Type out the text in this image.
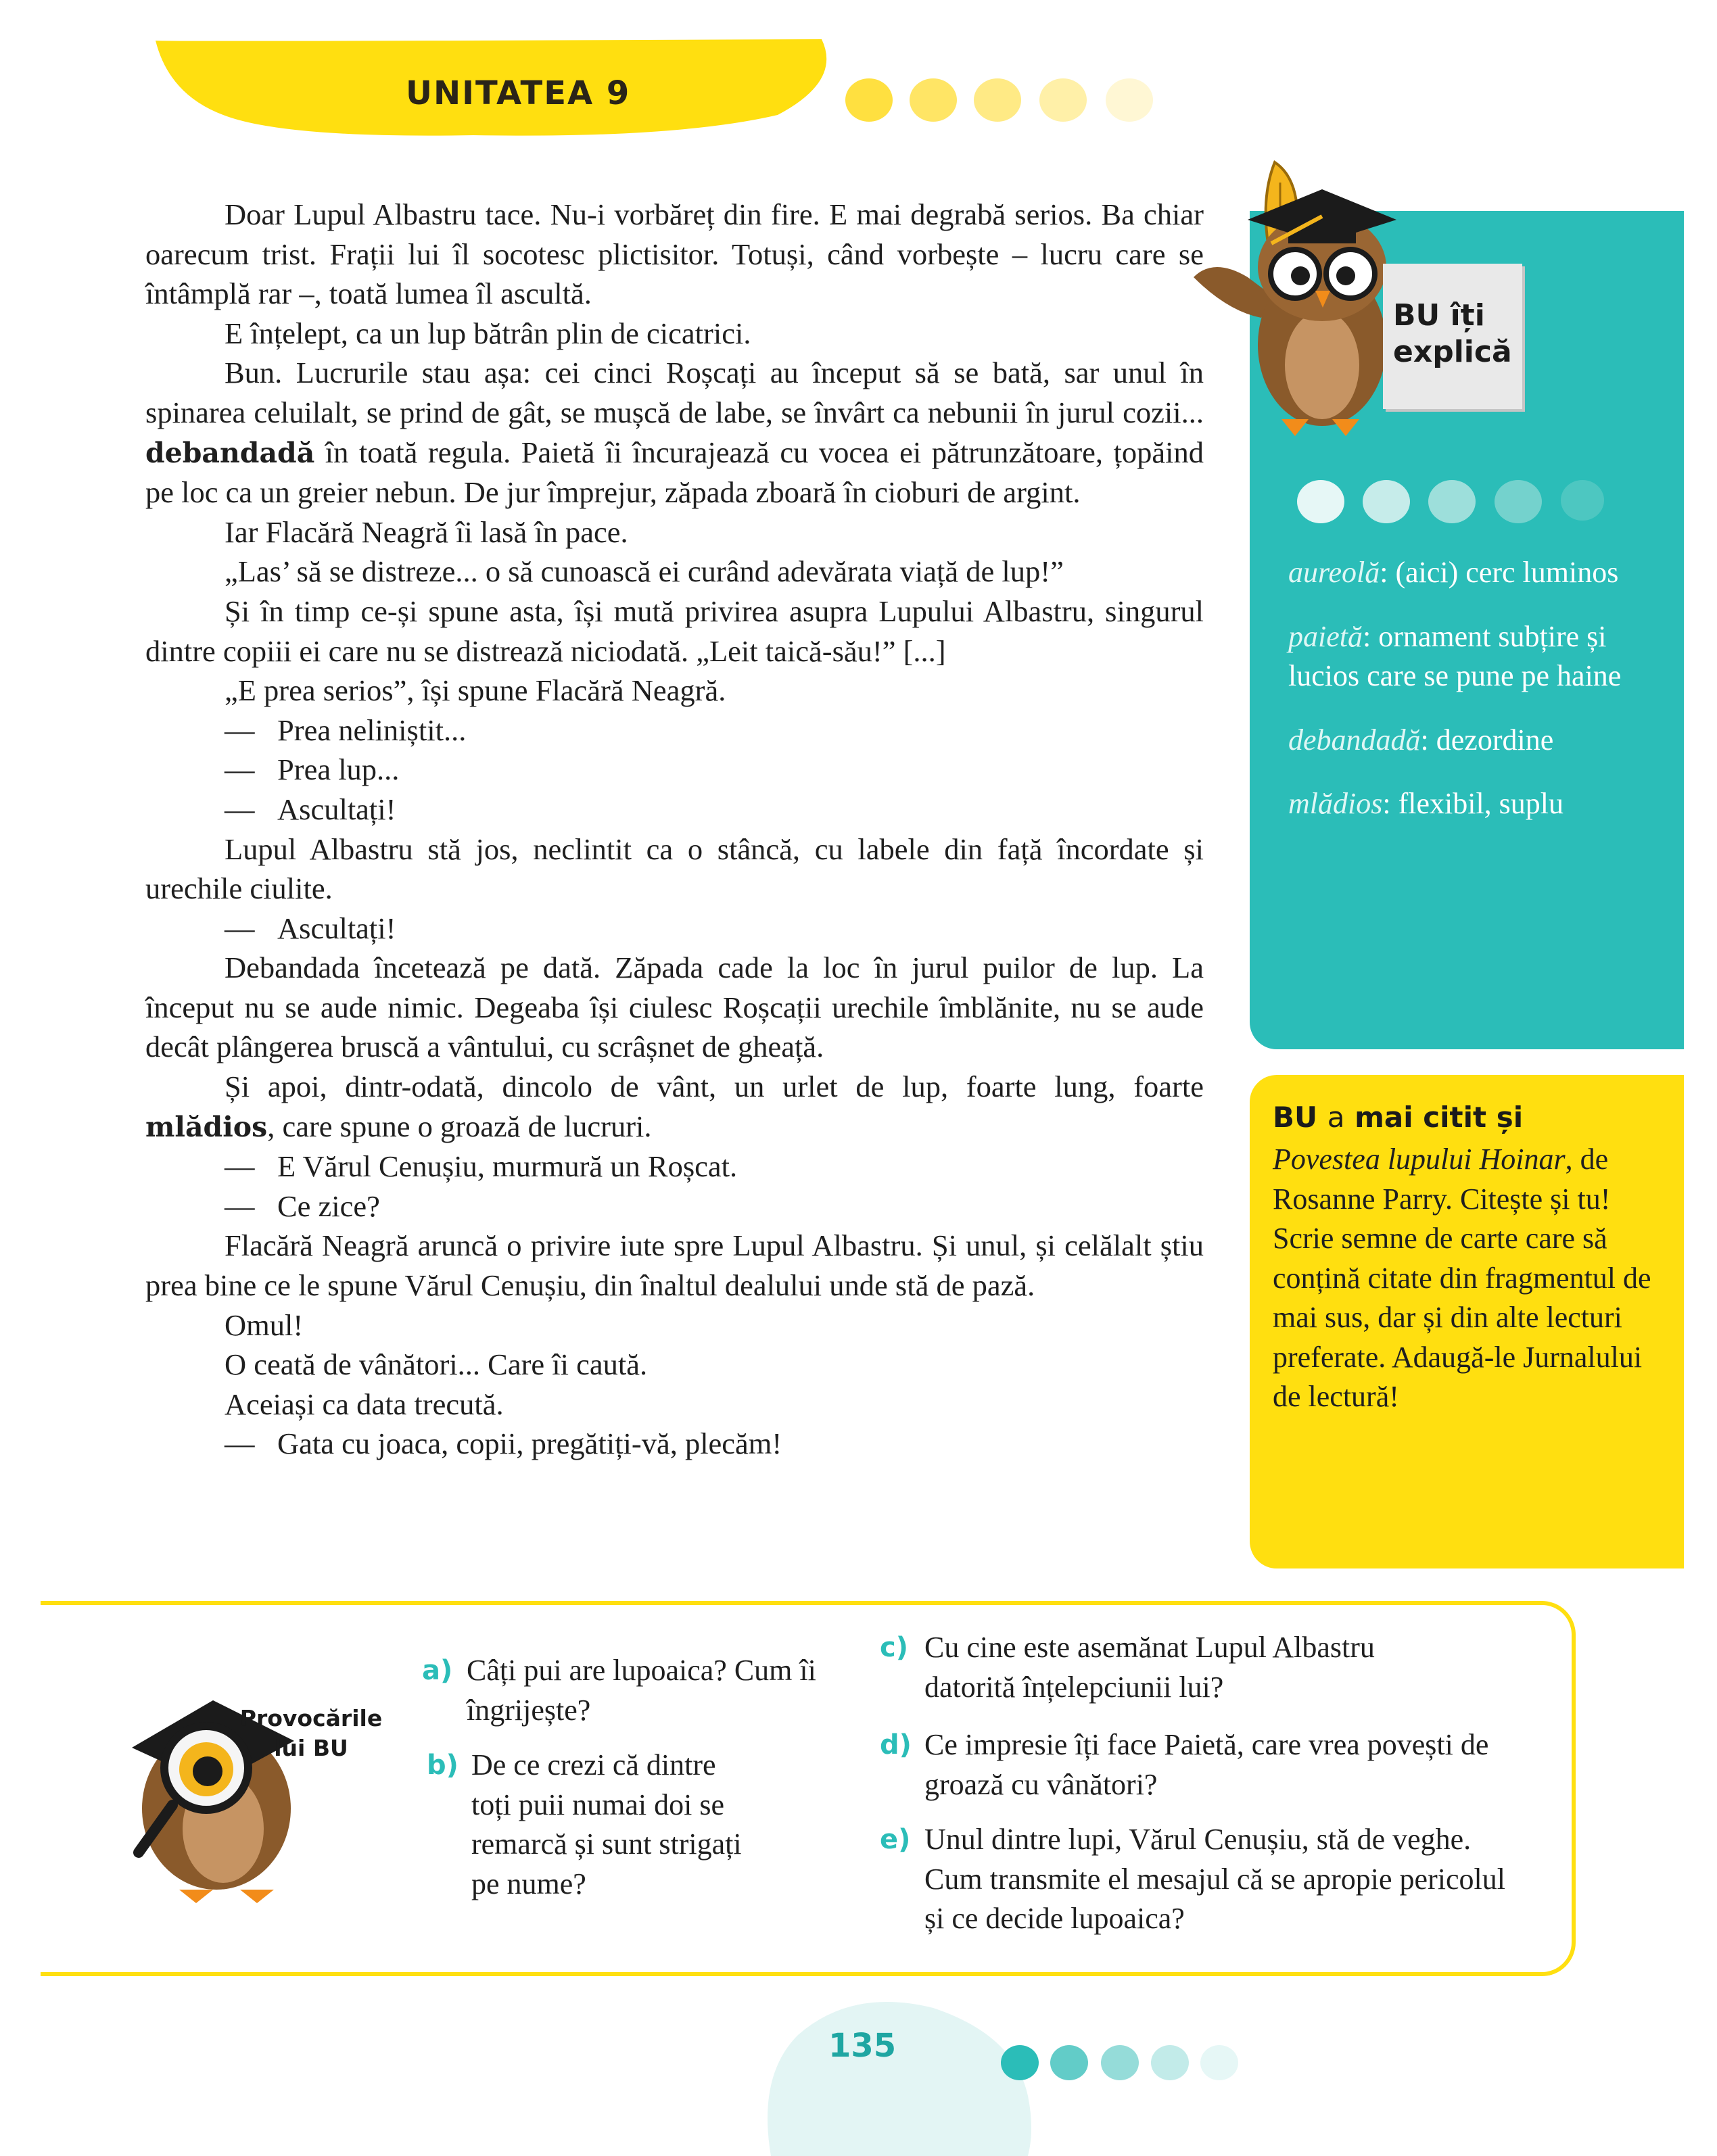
UNITATEA 9

Doar Lupul Albastru tace. Nu-i vorbăreț din fire. E mai degrabă serios. Ba chiar oarecum trist. Frații lui îl socotesc plictisitor. Totuși, când vorbește – lucru care se întâmplă rar –, toată lumea îl ascultă.

E înțelept, ca un lup bătrân plin de cicatrici.

Bun. Lucrurile stau așa: cei cinci Roșcați au început să se bată, sar unul în spinarea celuilalt, se prind de gât, se mușcă de labe, se învârt ca nebunii în jurul cozii... debandadă în toată regula. Paietă îi încurajează cu vocea ei pătrunzătoare, țopăind pe loc ca un greier nebun. De jur împrejur, zăpada zboară în cioburi de argint.

Iar Flacără Neagră îi lasă în pace.

„Las’ să se distreze... o să cunoască ei curând adevărata viață de lup!”

Și în timp ce-și spune asta, își mută privirea asupra Lupului Albastru, singurul dintre copiii ei care nu se distrează niciodată. „Leit taică-său!” [...]

„E prea serios”, își spune Flacără Neagră.

— Prea neliniștit...

— Prea lup...

— Ascultați!

Lupul Albastru stă jos, neclintit ca o stâncă, cu labele din față încordate și urechile ciulite.

— Ascultați!

Debandada încetează pe dată. Zăpada cade la loc în jurul puilor de lup. La început nu se aude nimic. Degeaba își ciulesc Roșcații urechile îmblănite, nu se aude decât plângerea bruscă a vântului, cu scrâșnet de gheață.

Și apoi, dintr-odată, dincolo de vânt, un urlet de lup, foarte lung, foarte mlădios, care spune o groază de lucruri.

— E Vărul Cenușiu, murmură un Roșcat.

— Ce zice?

Flacără Neagră aruncă o privire iute spre Lupul Albastru. Și unul, și celălalt știu prea bine ce le spune Vărul Cenușiu, din înaltul dealului unde stă de pază.

Omul!

O ceată de vânători... Care îi caută.

Aceiași ca data trecută.

— Gata cu joaca, copii, pregătiți-vă, plecăm!

BU îți explică
aureolă: (aici) cerc luminos
paietă: ornament subțire și lucios care se pune pe haine
debandadă: dezordine
mlădios: flexibil, suplu
BU a mai citit și
Povestea lupului Hoinar, de Rosanne Parry. Citește și tu! Scrie semne de carte care să conțină citate din fragmentul de mai sus, dar și din alte lecturi preferate. Adaugă-le Jurnalului de lectură!
Provocările lui BU
a) Câți pui are lupoaica? Cum îi îngrijește?
b) De ce crezi că dintre toți puii numai doi se remarcă și sunt strigați pe nume?
c) Cu cine este asemănat Lupul Albastru datorită înțelepciunii lui?
d) Ce impresie îți face Paietă, care vrea povești de groază cu vânători?
e) Unul dintre lupi, Vărul Cenușiu, stă de veghe. Cum transmite el mesajul că se apropie pericolul și ce decide lupoaica?
135
